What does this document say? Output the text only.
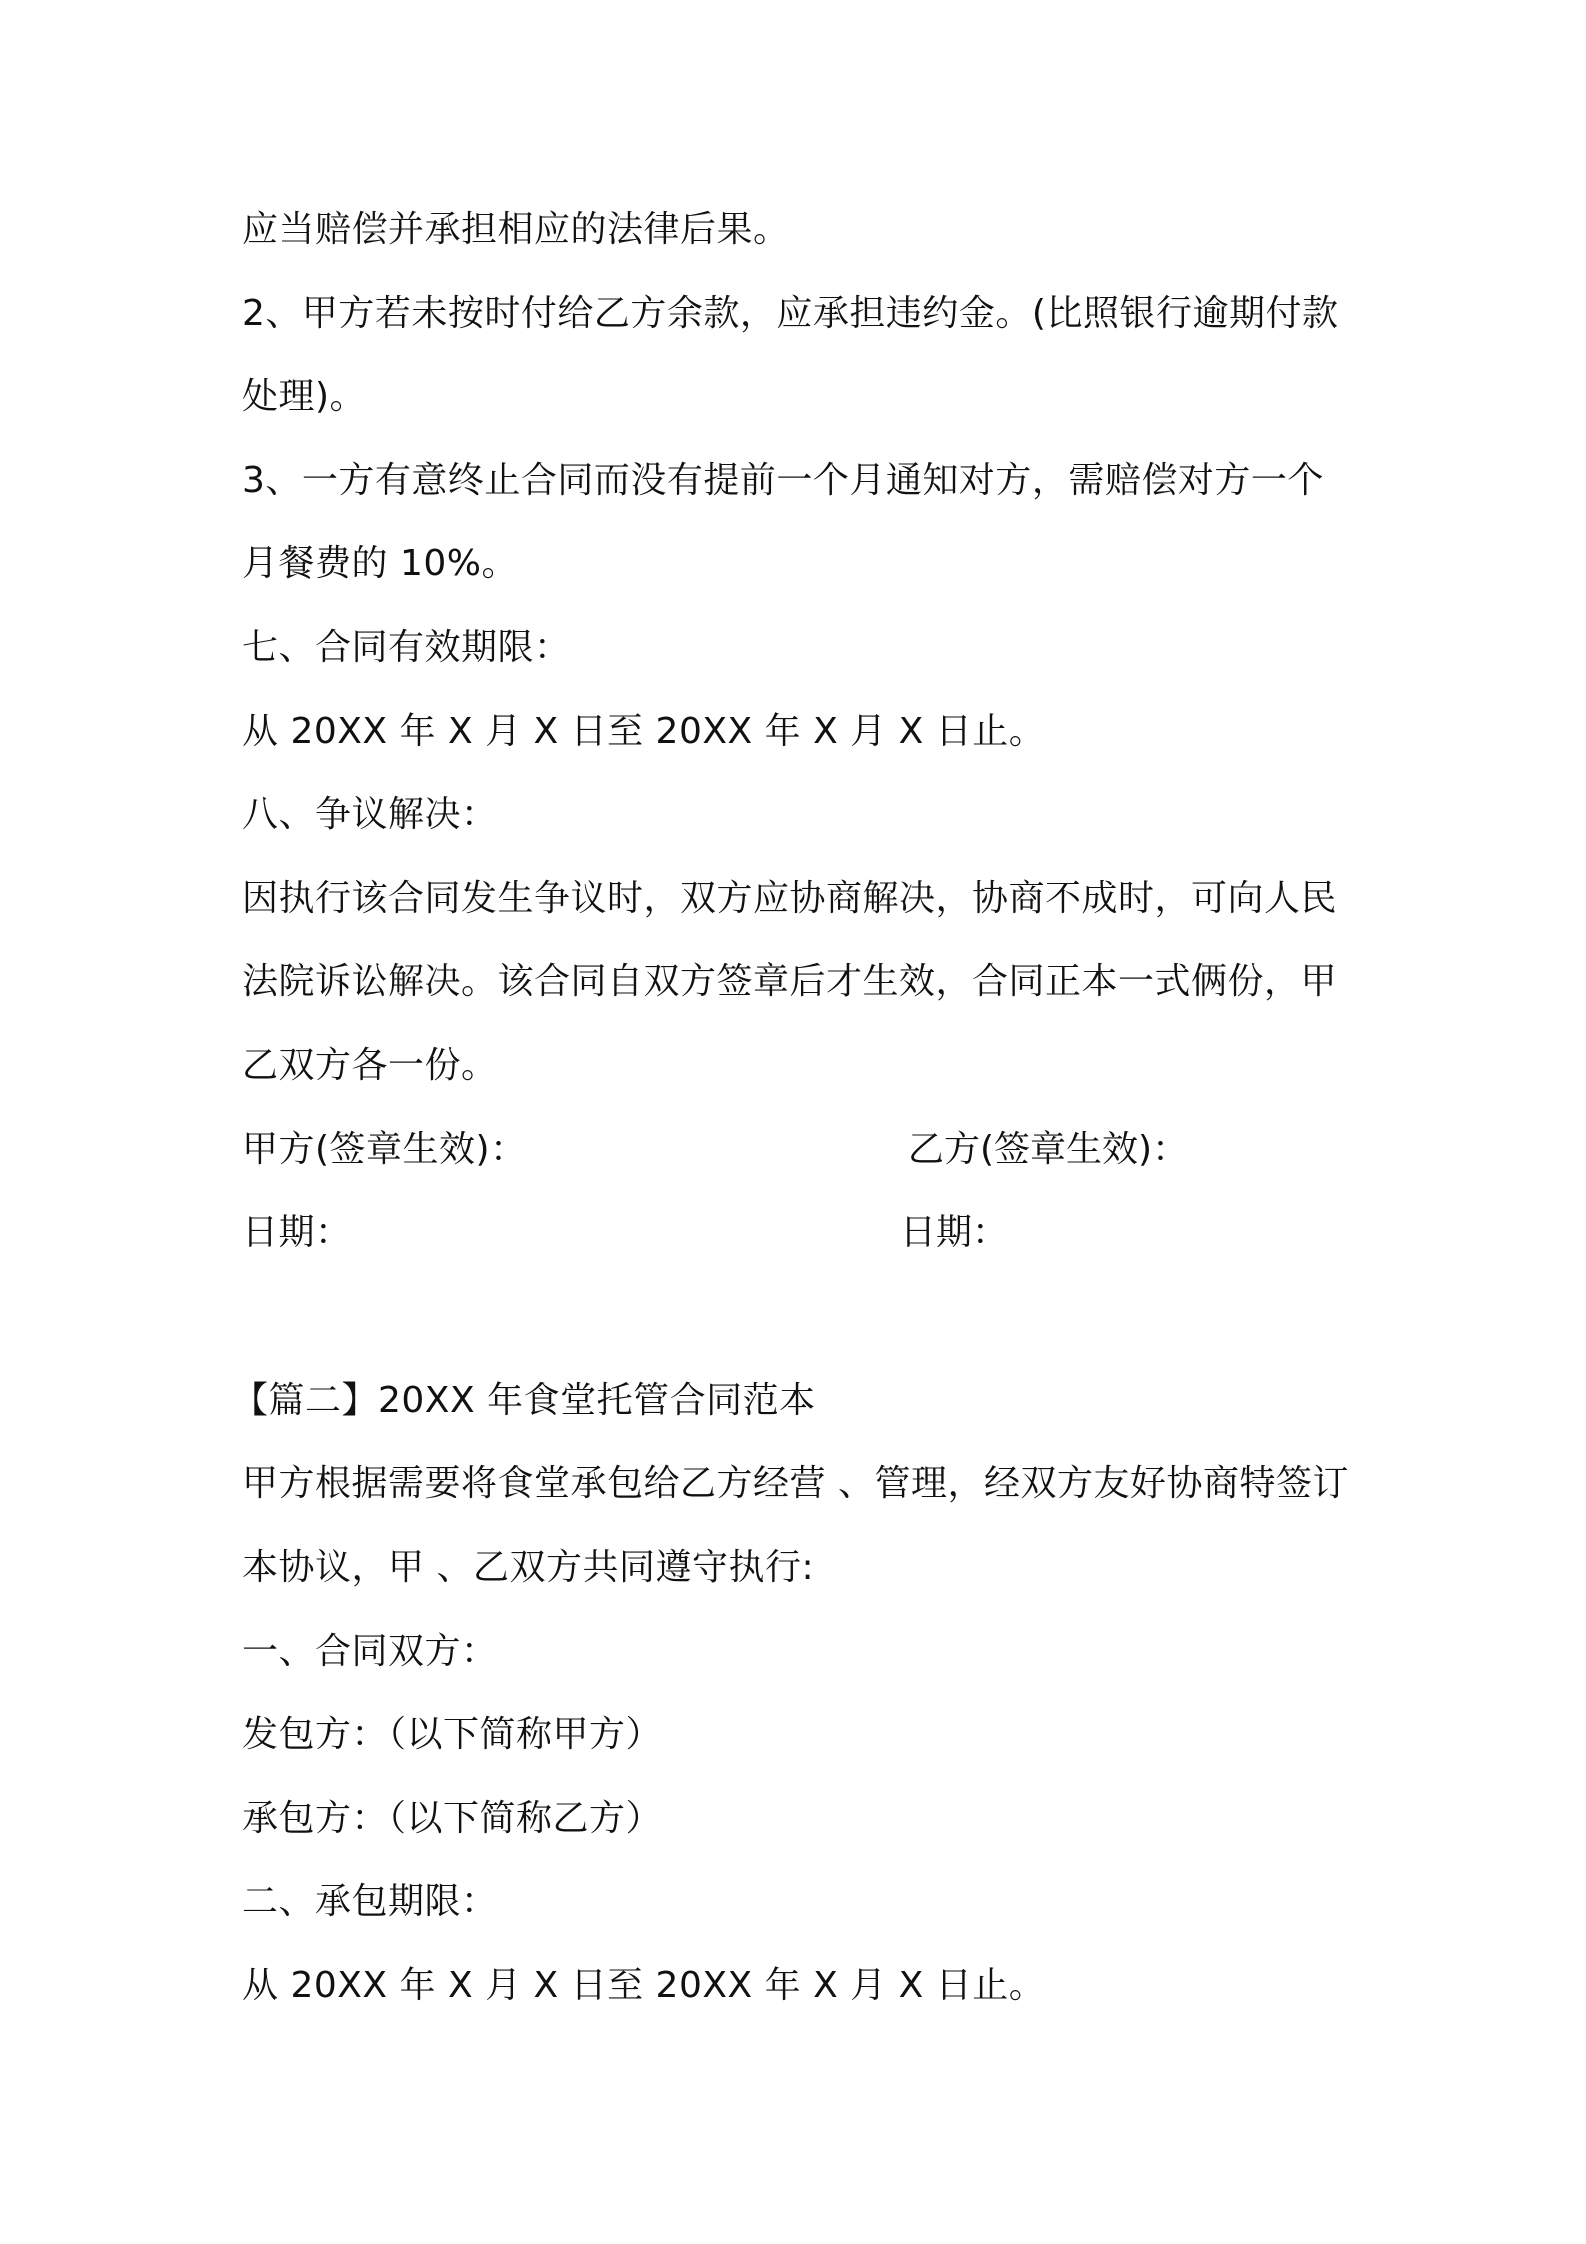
应当赔偿并承担相应的法律后果。
2、甲方若未按时付给乙方余款，应承担违约金。(比照银行逾期付款
处理)。
3、一方有意终止合同而没有提前一个月通知对方，需赔偿对方一个
月餐费的 10%。
七、合同有效期限：
从 20XX 年 X 月 X 日至 20XX 年 X 月 X 日止。
八、争议解决：
因执行该合同发生争议时，双方应协商解决，协商不成时，可向人民
法院诉讼解决。该合同自双方签章后才生效，合同正本一式俩份，甲
乙双方各一份。
甲方(签章生效)：	乙方(签章生效)：
日期：	日期：
【篇二】20XX 年食堂托管合同范本
甲方根据需要将食堂承包给乙方经营 、管理，经双方友好协商特签订
本协议，甲 、乙双方共同遵守执行:
一、合同双方：
发包方：（以下简称甲方）
承包方：（以下简称乙方）
二、承包期限：
从 20XX 年 X 月 X 日至 20XX 年 X 月 X 日止。
